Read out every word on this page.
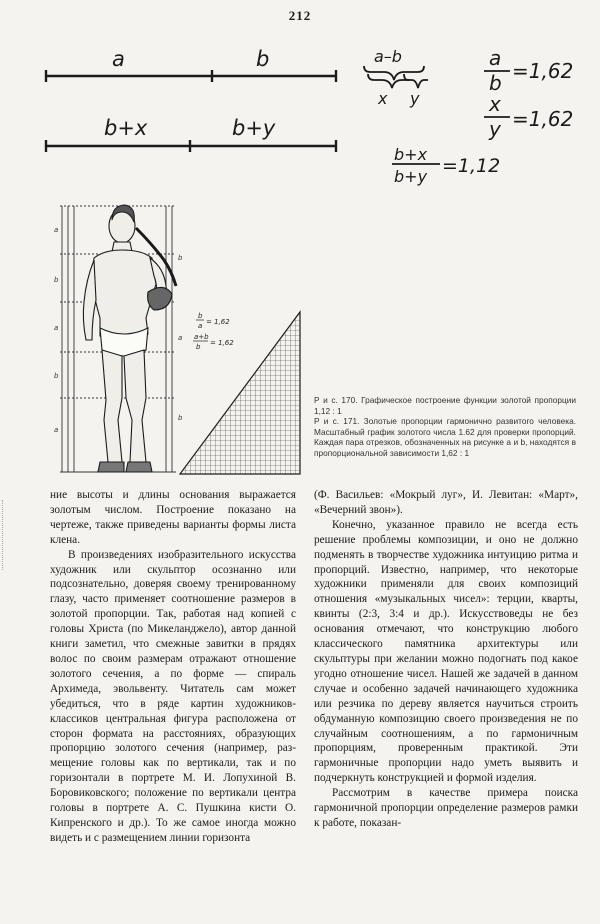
212
a	b
b+x	b+y
a–b
x y
a
b =1,62
x
y =1,62
b+x
b+y =1,12
a
b
a
b
a
b
a
b
b
a = 1,62
a+b
b = 1,62

Р и с. 170. Графическое построение функции золотой пропорции 1,12 : 1

Р и с. 171. Золотые пропорции гармонично развитого человека. Масштабный график золотого числа 1.62 для проверки пропорций. Каждая пара отрезков, обозначенных на рисунке a и b, находятся в пропорциональной зависимости 1,62 : 1

ние высоты и длины основания выражается золотым числом. Построение показано на чертеже, также приведены варианты формы листа клена.

В произведениях изобразительного искусства художник или скульптор осознанно или подсознательно, доверяя своему тренированному глазу, часто применяет соотношение размеров в золотой пропорции. Так, работая над копией с головы Христа (по Микеланджело), автор данной книги заметил, что смежные завитки в прядях волос по своим размерам отражают отношение золотого сечения, а по форме — спираль Архимеда, эвольвенту. Читатель сам может убедиться, что в ряде картин художников-классиков центральная фигура расположена от сторон формата на расстояниях, образующих пропорцию золотого сечения (например, размещение головы как по вертикали, так и по горизонтали в портрете М. И. Лопухиной В. Боровиковского; положение по вертикали центра головы в портрете А. С. Пушкина кисти О. Кипренского и др.). То же самое иногда можно видеть и с размещением линии горизонта

(Ф. Васильев: «Мокрый луг», И. Левитан: «Март», «Вечерний звон»).

Конечно, указанное правило не всегда есть решение проблемы композиции, и оно не должно подменять в творчестве художника интуицию ритма и пропорций. Известно, например, что некоторые художники применяли для своих композиций отношения «музыкальных чисел»: терции, кварты, квинты (2:3, 3:4 и др.). Искусствоведы не без основания отмечают, что конструкцию любого классического памятника архитектуры или скульптуры при желании можно подогнать под какое угодно отношение чисел. Нашей же задачей в данном случае и особенно задачей начинающего художника или резчика по дереву является научиться строить обдуманную композицию своего произведения не по случайным соотношениям, а по гармоничным пропорциям, проверенным практикой. Эти гармоничные пропорции надо уметь выявить и подчеркнуть конструкцией и формой изделия.

Рассмотрим в качестве примера поиска гармоничной пропорции определение размеров рамки к работе, показан-
